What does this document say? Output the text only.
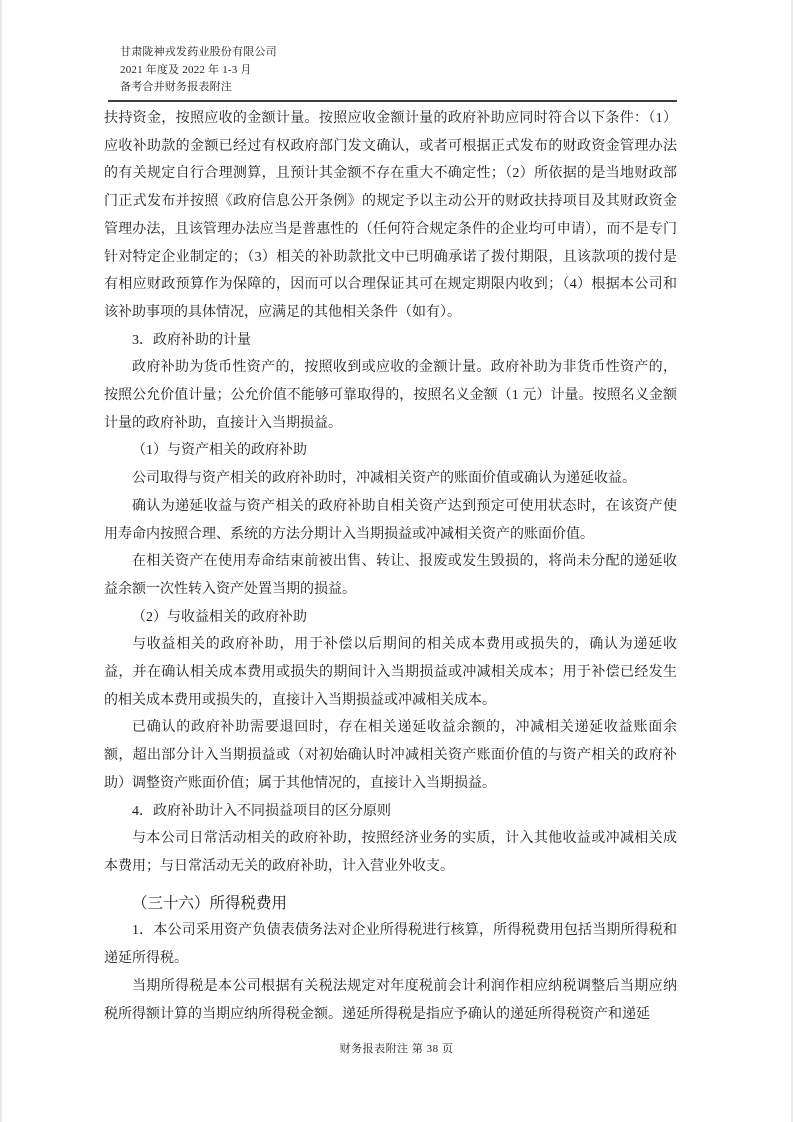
甘肃陇神戎发药业股份有限公司
2021 年度及 2022 年 1-3 月
备考合并财务报表附注

扶持资金，按照应收的金额计量。按照应收金额计量的政府补助应同时符合以下条件：（1）应收补助款的金额已经过有权政府部门发文确认，或者可根据正式发布的财政资金管理办法的有关规定自行合理测算，且预计其金额不存在重大不确定性；（2）所依据的是当地财政部门正式发布并按照《政府信息公开条例》的规定予以主动公开的财政扶持项目及其财政资金管理办法，且该管理办法应当是普惠性的（任何符合规定条件的企业均可申请），而不是专门针对特定企业制定的；（3）相关的补助款批文中已明确承诺了拨付期限，且该款项的拨付是有相应财政预算作为保障的，因而可以合理保证其可在规定期限内收到；（4）根据本公司和该补助事项的具体情况，应满足的其他相关条件（如有）。

3．政府补助的计量

政府补助为货币性资产的，按照收到或应收的金额计量。政府补助为非货币性资产的，按照公允价值计量；公允价值不能够可靠取得的，按照名义金额（1 元）计量。按照名义金额计量的政府补助，直接计入当期损益。

（1）与资产相关的政府补助

公司取得与资产相关的政府补助时，冲减相关资产的账面价值或确认为递延收益。

确认为递延收益与资产相关的政府补助自相关资产达到预定可使用状态时，在该资产使用寿命内按照合理、系统的方法分期计入当期损益或冲减相关资产的账面价值。

在相关资产在使用寿命结束前被出售、转让、报废或发生毁损的，将尚未分配的递延收益余额一次性转入资产处置当期的损益。

（2）与收益相关的政府补助

与收益相关的政府补助，用于补偿以后期间的相关成本费用或损失的，确认为递延收益，并在确认相关成本费用或损失的期间计入当期损益或冲减相关成本；用于补偿已经发生的相关成本费用或损失的，直接计入当期损益或冲减相关成本。

已确认的政府补助需要退回时，存在相关递延收益余额的，冲减相关递延收益账面余额，超出部分计入当期损益或（对初始确认时冲减相关资产账面价值的与资产相关的政府补助）调整资产账面价值；属于其他情况的，直接计入当期损益。

4．政府补助计入不同损益项目的区分原则

与本公司日常活动相关的政府补助，按照经济业务的实质，计入其他收益或冲减相关成本费用；与日常活动无关的政府补助，计入营业外收支。

（三十六）所得税费用

1．本公司采用资产负债表债务法对企业所得税进行核算，所得税费用包括当期所得税和递延所得税。

当期所得税是本公司根据有关税法规定对年度税前会计利润作相应纳税调整后当期应纳税所得额计算的当期应纳所得税金额。递延所得税是指应予确认的递延所得税资产和递延

财务报表附注 第 38 页
